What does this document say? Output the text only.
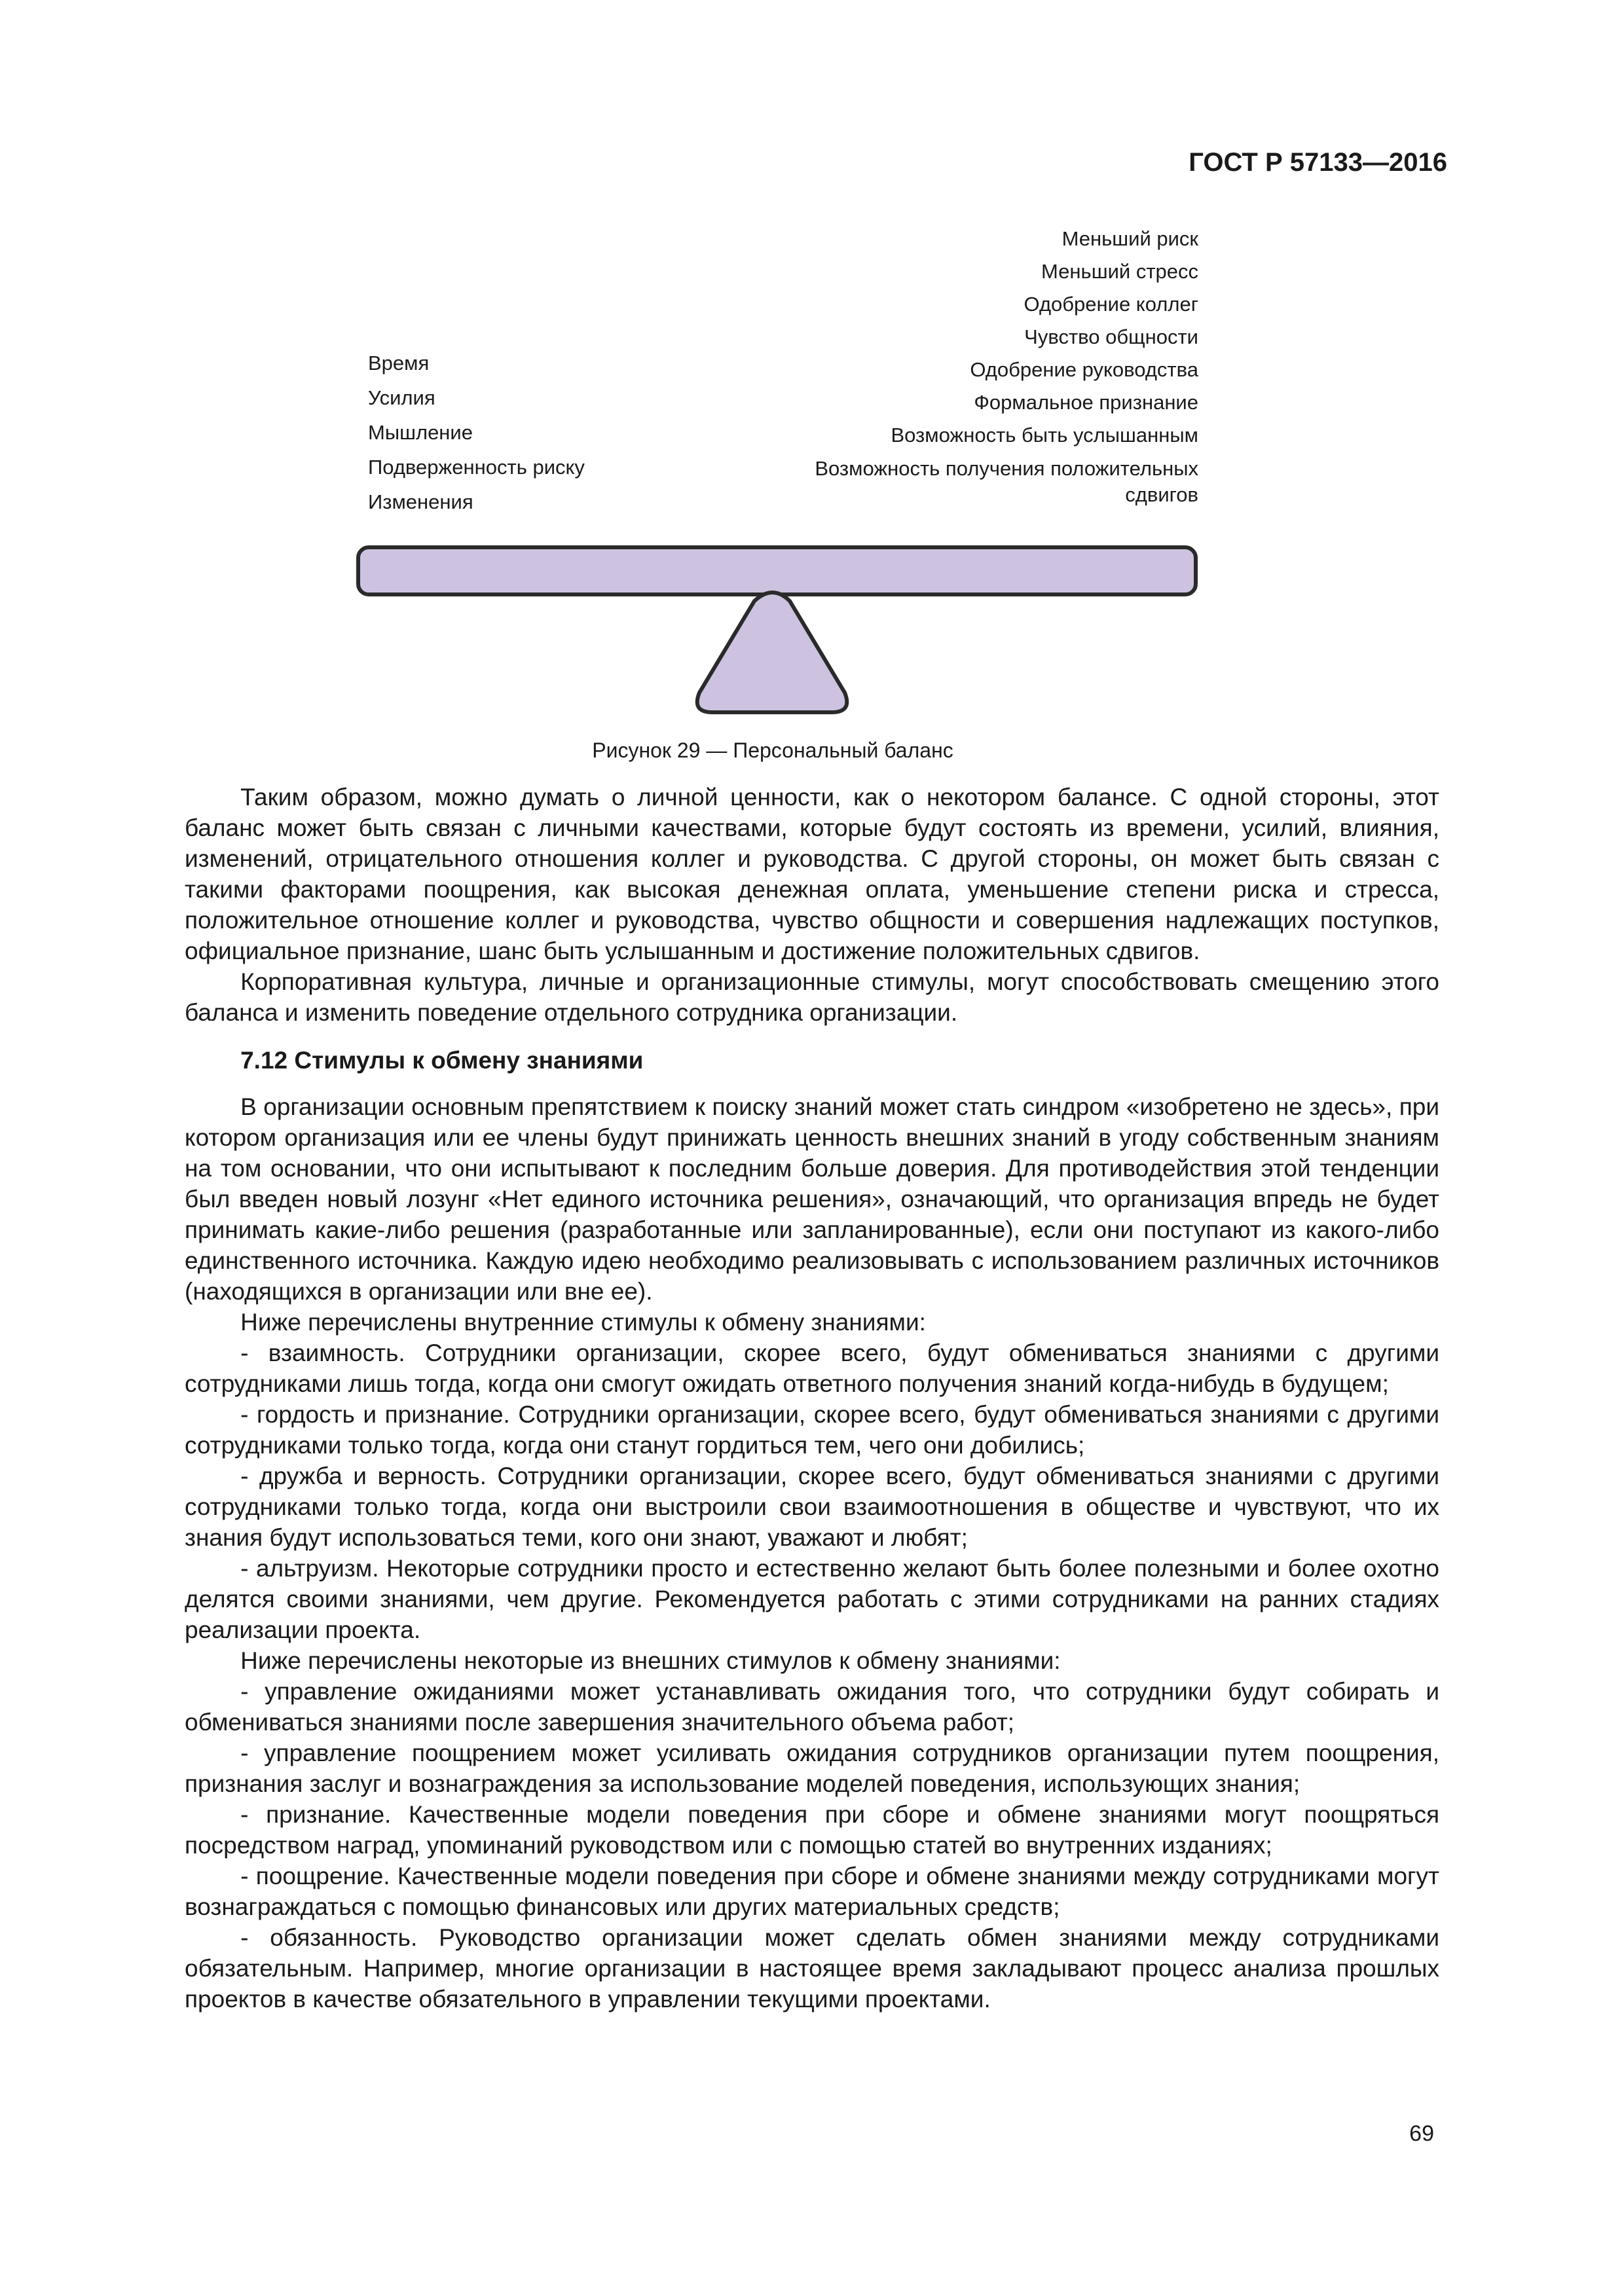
ГОСТ Р 57133—2016
Время
Усилия
Мышление
Подверженность риску
Изменения
Меньший риск
Меньший стресс
Одобрение коллег
Чувство общности
Одобрение руководства
Формальное признание
Возможность быть услышанным
Возможность получения положительных
сдвигов
Рисунок 29 — Персональный баланс

Таким образом, можно думать о личной ценности, как о некотором балансе. С одной стороны, этот баланс может быть связан с личными качествами, которые будут состоять из времени, усилий, влияния, изменений, отрицательного отношения коллег и руководства. С другой стороны, он может быть связан с такими факторами поощрения, как высокая денежная оплата, уменьшение степени риска и стресса, положительное отношение коллег и руководства, чувство общности и совершения надлежащих поступков, официальное признание, шанс быть услышанным и достижение положительных сдвигов.

Корпоративная культура, личные и организационные стимулы, могут способствовать смещению этого баланса и изменить поведение отдельного сотрудника организации.

7.12 Стимулы к обмену знаниями

В организации основным препятствием к поиску знаний может стать синдром «изобретено не здесь», при котором организация или ее члены будут принижать ценность внешних знаний в угоду собственным знаниям на том основании, что они испытывают к последним больше доверия. Для противодействия этой тенденции был введен новый лозунг «Нет единого источника решения», означающий, что организация впредь не будет принимать какие-либо решения (разработанные или запланированные), если они поступают из какого-либо единственного источника. Каждую идею необходимо реализовывать с использованием различных источников (находящихся в организации или вне ее).

Ниже перечислены внутренние стимулы к обмену знаниями:

- взаимность. Сотрудники организации, скорее всего, будут обмениваться знаниями с другими сотрудниками лишь тогда, когда они смогут ожидать ответного получения знаний когда-нибудь в будущем;

- гордость и признание. Сотрудники организации, скорее всего, будут обмениваться знаниями с другими сотрудниками только тогда, когда они станут гордиться тем, чего они добились;

- дружба и верность. Сотрудники организации, скорее всего, будут обмениваться знаниями с другими сотрудниками только тогда, когда они выстроили свои взаимоотношения в обществе и чувствуют, что их знания будут использоваться теми, кого они знают, уважают и любят;

- альтруизм. Некоторые сотрудники просто и естественно желают быть более полезными и более охотно делятся своими знаниями, чем другие. Рекомендуется работать с этими сотрудниками на ранних стадиях реализации проекта.

Ниже перечислены некоторые из внешних стимулов к обмену знаниями:

- управление ожиданиями может устанавливать ожидания того, что сотрудники будут собирать и обмениваться знаниями после завершения значительного объема работ;

- управление поощрением может усиливать ожидания сотрудников организации путем поощрения, признания заслуг и вознаграждения за использование моделей поведения, использующих знания;

- признание. Качественные модели поведения при сборе и обмене знаниями могут поощряться посредством наград, упоминаний руководством или с помощью статей во внутренних изданиях;

- поощрение. Качественные модели поведения при сборе и обмене знаниями между сотрудниками могут вознаграждаться с помощью финансовых или других материальных средств;

- обязанность. Руководство организации может сделать обмен знаниями между сотрудниками обязательным. Например, многие организации в настоящее время закладывают процесс анализа прошлых проектов в качестве обязательного в управлении текущими проектами.

69
